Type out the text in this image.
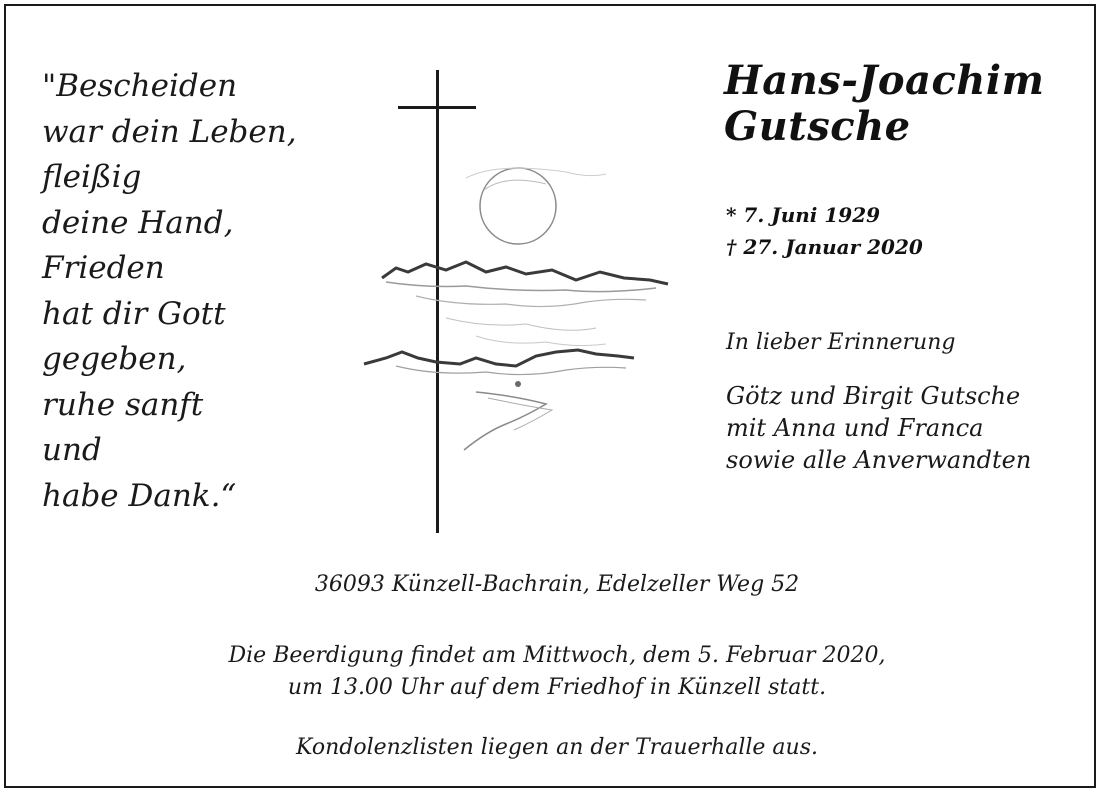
"Bescheiden
war dein Leben,
fleißig
deine Hand,
Frieden
hat dir Gott
gegeben,
ruhe sanft
und
habe Dank.“
Hans-Joachim
Gutsche
* 7. Juni 1929
† 27. Januar 2020
In lieber Erinnerung
Götz und Birgit Gutsche
mit Anna und Franca
sowie alle Anverwandten
36093 Künzell-Bachrain, Edelzeller Weg 52
Die Beerdigung findet am Mittwoch, dem 5. Februar 2020,
um 13.00 Uhr auf dem Friedhof in Künzell statt.
Kondolenzlisten liegen an der Trauerhalle aus.
